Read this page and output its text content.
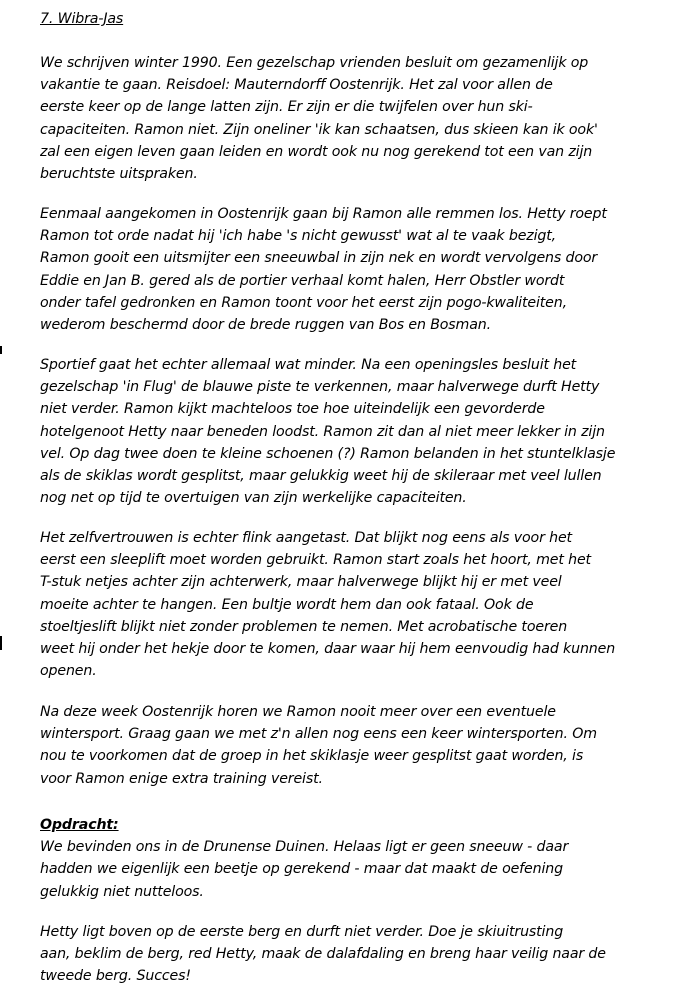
7. Wibra-Jas
We schrijven winter 1990. Een gezelschap vrienden besluit om gezamenlijk op
vakantie te gaan. Reisdoel: Mauterndorff Oostenrijk. Het zal voor allen de
eerste keer op de lange latten zijn. Er zijn er die twijfelen over hun ski-
capaciteiten. Ramon niet. Zijn oneliner 'ik kan schaatsen, dus skieen kan ik ook'
zal een eigen leven gaan leiden en wordt ook nu nog gerekend tot een van zijn
beruchtste uitspraken.
Eenmaal aangekomen in Oostenrijk gaan bij Ramon alle remmen los. Hetty roept
Ramon tot orde nadat hij 'ich habe 's nicht gewusst' wat al te vaak bezigt,
Ramon gooit een uitsmijter een sneeuwbal in zijn nek en wordt vervolgens door
Eddie en Jan B. gered als de portier verhaal komt halen, Herr Obstler wordt
onder tafel gedronken en Ramon toont voor het eerst zijn pogo-kwaliteiten,
wederom beschermd door de brede ruggen van Bos en Bosman.
Sportief gaat het echter allemaal wat minder. Na een openingsles besluit het
gezelschap 'in Flug' de blauwe piste te verkennen, maar halverwege durft Hetty
niet verder. Ramon kijkt machteloos toe hoe uiteindelijk een gevorderde
hotelgenoot Hetty naar beneden loodst. Ramon zit dan al niet meer lekker in zijn
vel. Op dag twee doen te kleine schoenen (?) Ramon belanden in het stuntelklasje
als de skiklas wordt gesplitst, maar gelukkig weet hij de skileraar met veel lullen
nog net op tijd te overtuigen van zijn werkelijke capaciteiten.
Het zelfvertrouwen is echter flink aangetast. Dat blijkt nog eens als voor het
eerst een sleeplift moet worden gebruikt. Ramon start zoals het hoort, met het
T-stuk netjes achter zijn achterwerk, maar halverwege blijkt hij er met veel
moeite achter te hangen. Een bultje wordt hem dan ook fataal. Ook de
stoeltjeslift blijkt niet zonder problemen te nemen. Met acrobatische toeren
weet hij onder het hekje door te komen, daar waar hij hem eenvoudig had kunnen
openen.
Na deze week Oostenrijk horen we Ramon nooit meer over een eventuele
wintersport. Graag gaan we met z'n allen nog eens een keer wintersporten. Om
nou te voorkomen dat de groep in het skiklasje weer gesplitst gaat worden, is
voor Ramon enige extra training vereist.
Opdracht:
We bevinden ons in de Drunense Duinen. Helaas ligt er geen sneeuw - daar
hadden we eigenlijk een beetje op gerekend - maar dat maakt de oefening
gelukkig niet nutteloos.
Hetty ligt boven op de eerste berg en durft niet verder. Doe je skiuitrusting
aan, beklim de berg, red Hetty, maak de dalafdaling en breng haar veilig naar de
tweede berg. Succes!
